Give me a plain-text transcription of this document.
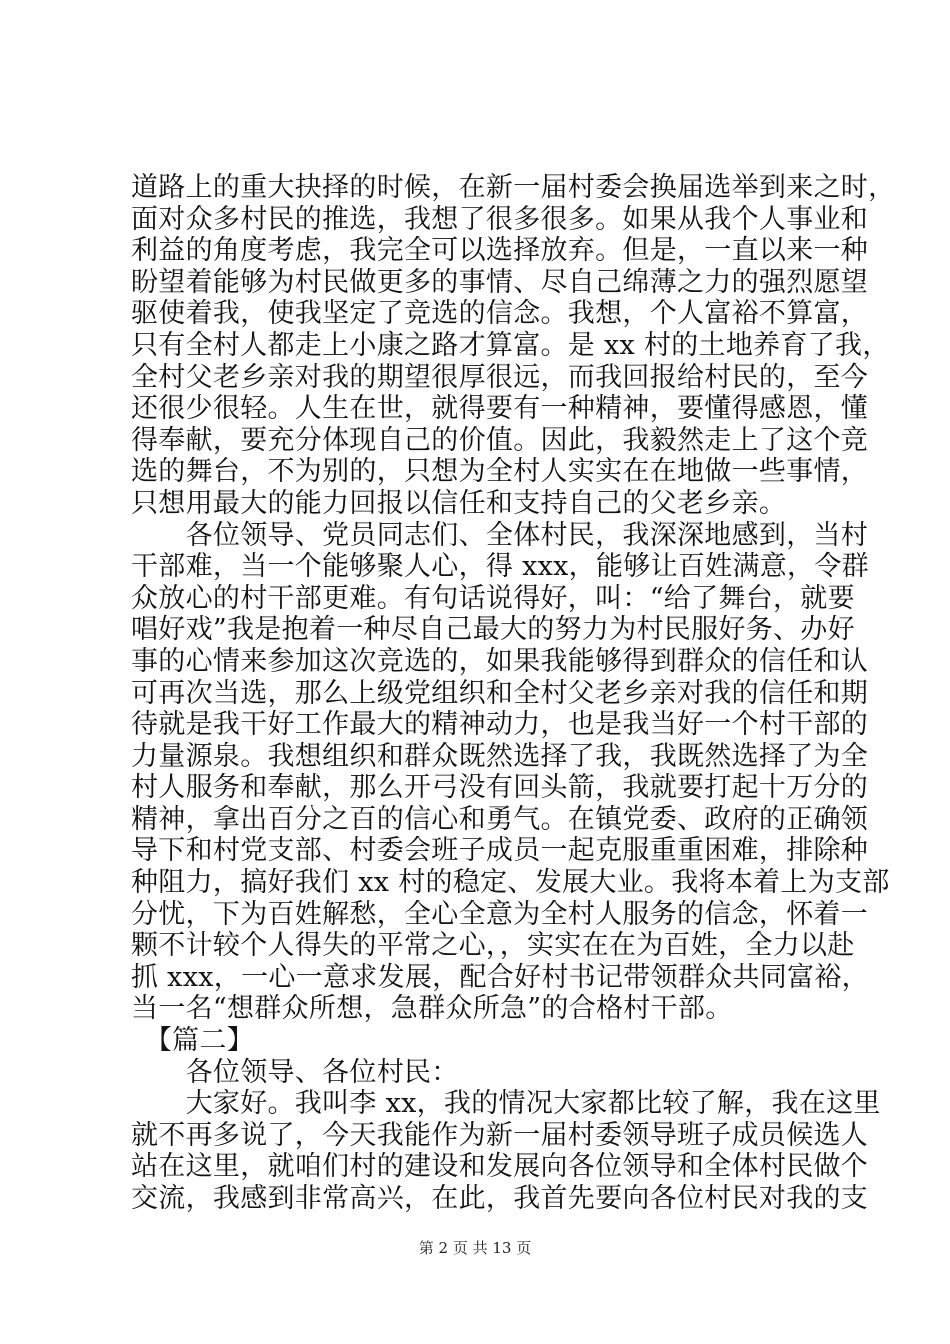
道路上的重大抉择的时候，在新一届村委会换届选举到来之时，
面对众多村民的推选，我想了很多很多。如果从我个人事业和
利益的角度考虑，我完全可以选择放弃。但是，一直以来一种
盼望着能够为村民做更多的事情、尽自己绵薄之力的强烈愿望
驱使着我，使我坚定了竞选的信念。我想，个人富裕不算富，
只有全村人都走上小康之路才算富。是 xx 村的土地养育了我，
全村父老乡亲对我的期望很厚很远，而我回报给村民的，至今
还很少很轻。人生在世，就得要有一种精神，要懂得感恩，懂
得奉献，要充分体现自己的价值。因此，我毅然走上了这个竞
选的舞台，不为别的，只想为全村人实实在在地做一些事情，
只想用最大的能力回报以信任和支持自己的父老乡亲。
　　各位领导、党员同志们、全体村民，我深深地感到，当村
干部难，当一个能够聚人心，得 xxx，能够让百姓满意，令群
众放心的村干部更难。有句话说得好，叫：“给了舞台，就要
唱好戏”我是抱着一种尽自己最大的努力为村民服好务、办好
事的心情来参加这次竞选的，如果我能够得到群众的信任和认
可再次当选，那么上级党组织和全村父老乡亲对我的信任和期
待就是我干好工作最大的精神动力，也是我当好一个村干部的
力量源泉。我想组织和群众既然选择了我，我既然选择了为全
村人服务和奉献，那么开弓没有回头箭，我就要打起十万分的
精神，拿出百分之百的信心和勇气。在镇党委、政府的正确领
导下和村党支部、村委会班子成员一起克服重重困难，排除种
种阻力，搞好我们 xx 村的稳定、发展大业。我将本着上为支部
分忧，下为百姓解愁，全心全意为全村人服务的信念，怀着一
颗不计较个人得失的平常之心，，实实在在为百姓，全力以赴
抓 xxx，一心一意求发展，配合好村书记带领群众共同富裕，
当一名“想群众所想，急群众所急”的合格村干部。
　【篇二】
　　各位领导、各位村民：
　　大家好。我叫李 xx，我的情况大家都比较了解，我在这里
就不再多说了，今天我能作为新一届村委领导班子成员候选人
站在这里，就咱们村的建设和发展向各位领导和全体村民做个
交流，我感到非常高兴，在此，我首先要向各位村民对我的支
第 2 页 共 13 页
